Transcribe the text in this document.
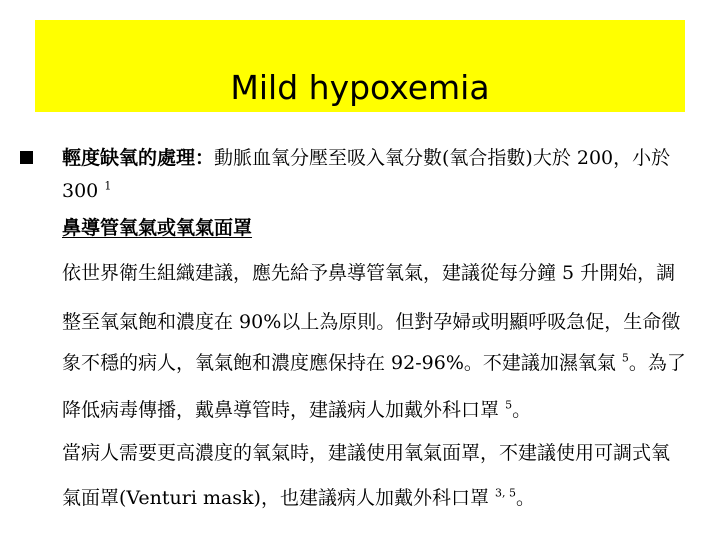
Mild hypoxemia
輕度缺氧的處理：動脈血氧分壓至吸入氧分數(氧合指數)大於 200，小於
300 $^1$
鼻導管氧氣或氧氣面罩
依世界衛生組織建議，應先給予鼻導管氧氣，建議從每分鐘 5 升開始，調
整至氧氣飽和濃度在 90%以上為原則。但對孕婦或明顯呼吸急促，生命徵
象不穩的病人，氧氣飽和濃度應保持在 92-96%。不建議加濕氧氣 $^5$。為了
降低病毒傳播，戴鼻導管時，建議病人加戴外科口罩 $^5$。
當病人需要更高濃度的氧氣時，建議使用氧氣面罩，不建議使用可調式氧
氣面罩(Venturi mask)，也建議病人加戴外科口罩 $^{3, 5}$。
